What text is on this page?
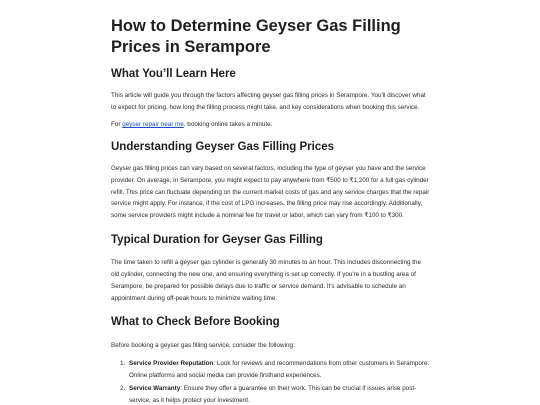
How to Determine Geyser Gas Filling Prices in Serampore
What You’ll Learn Here

This article will guide you through the factors affecting geyser gas filling prices in Serampore. You'll discover what to expect for pricing, how long the filling process might take, and key considerations when booking this service.

For geyser repair near me, booking online takes a minute.

Understanding Geyser Gas Filling Prices

Geyser gas filling prices can vary based on several factors, including the type of geyser you have and the service provider. On average, in Serampore, you might expect to pay anywhere from ₹500 to ₹1,200 for a full gas cylinder refill. This price can fluctuate depending on the current market costs of gas and any service charges that the repair service might apply. For instance, if the cost of LPG increases, the filling price may rise accordingly. Additionally, some service providers might include a nominal fee for travel or labor, which can vary from ₹100 to ₹300.

Typical Duration for Geyser Gas Filling

The time taken to refill a geyser gas cylinder is generally 30 minutes to an hour. This includes disconnecting the old cylinder, connecting the new one, and ensuring everything is set up correctly. If you're in a bustling area of Serampore, be prepared for possible delays due to traffic or service demand. It's advisable to schedule an appointment during off-peak hours to minimize waiting time.

What to Check Before Booking

Before booking a geyser gas filling service, consider the following:

1. Service Provider Reputation: Look for reviews and recommendations from other customers in Serampore. Online platforms and social media can provide firsthand experiences.
2. Service Warranty: Ensure they offer a guarantee on their work. This can be crucial if issues arise post-service, as it helps protect your investment.
